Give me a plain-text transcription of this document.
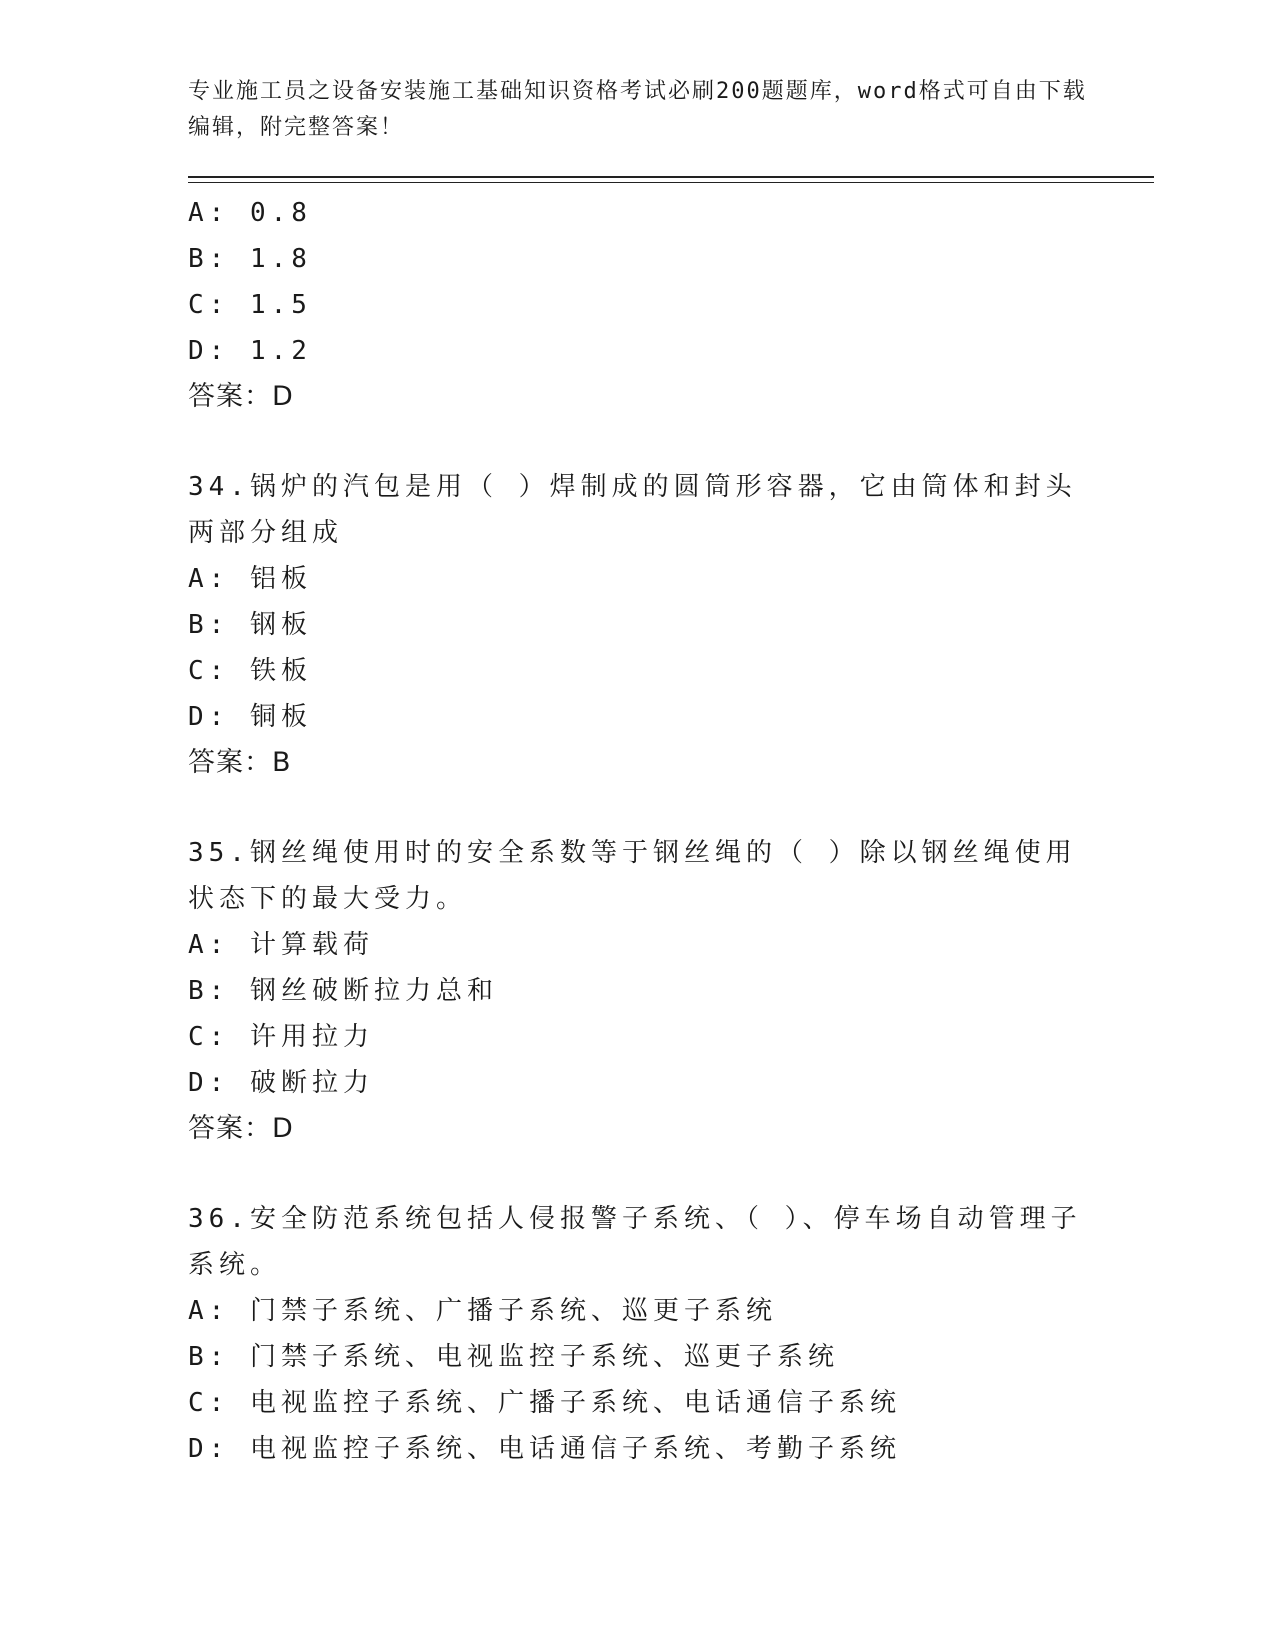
专业施工员之设备安装施工基础知识资格考试必刷200题题库，word格式可自由下载编辑，附完整答案！
A: 0.8
B: 1.8
C: 1.5
D: 1.2
答案：D
34.锅炉的汽包是用（ ）焊制成的圆筒形容器，它由筒体和封头两部分组成
A: 铝板
B: 钢板
C: 铁板
D: 铜板
答案：B
35.钢丝绳使用时的安全系数等于钢丝绳的（ ）除以钢丝绳使用状态下的最大受力。
A: 计算载荷
B: 钢丝破断拉力总和
C: 许用拉力
D: 破断拉力
答案：D
36.安全防范系统包括人侵报警子系统、（ ）、停车场自动管理子系统。
A: 门禁子系统、广播子系统、巡更子系统
B: 门禁子系统、电视监控子系统、巡更子系统
C: 电视监控子系统、广播子系统、电话通信子系统
D: 电视监控子系统、电话通信子系统、考勤子系统
